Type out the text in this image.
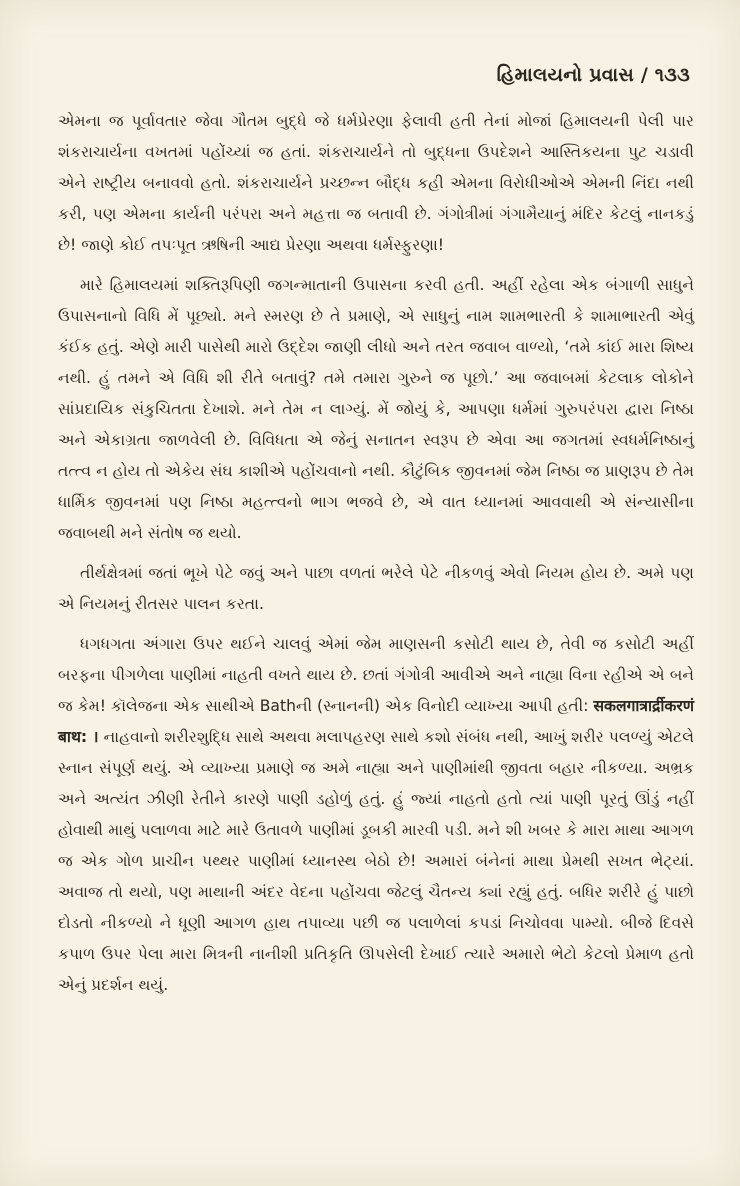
હિમાલયનો પ્રવાસ / ૧૩૩

એમના જ પૂર્વાવતાર જેવા ગૌતમ બુદ્ધે જે ધર્મપ્રેરણા ફેલાવી હતી તેનાં મોજાં હિમાલયની પેલી પાર શંકરાચાર્યના વખતમાં પહોંચ્યાં જ હતાં. શંકરાચાર્યને તો બુદ્ધના ઉપદેશને આસ્તિકયના પુટ ચડાવી એને રાષ્ટ્રીય બનાવવો હતો. શંકરાચાર્યને પ્રચ્છન્ન બૌદ્ધ કહી એમના વિરોધીઓએ એમની નિંદા નથી કરી, પણ એમના કાર્યની પરંપરા અને મહત્તા જ બતાવી છે. ગંગોત્રીમાં ગંગામૈયાનું મંદિર કેટલું નાનકડું છે! જાણે કોઈ તપઃપૂત ઋષિની આદ્ય પ્રેરણા અથવા ધર્મસ્ફુરણા!

મારે હિમાલયમાં શક્તિરૂપિણી જગન્માતાની ઉપાસના કરવી હતી. અહીં રહેલા એક બંગાળી સાધુને ઉપાસનાનો વિધિ મેં પૂછ્યો. મને સ્મરણ છે તે પ્રમાણે, એ સાધુનું નામ શામભારતી કે શામાભારતી એવું કંઈક હતું. એણે મારી પાસેથી મારો ઉદ્દેશ જાણી લીધો અને તરત જવાબ વાળ્યો, ‘તમે કાંઈ મારા શિષ્ય નથી. હું તમને એ વિધિ શી રીતે બતાવું? તમે તમારા ગુરુને જ પૂછો.’ આ જવાબમાં કેટલાક લોકોને સાંપ્રદાયિક સંકુચિતતા દેખાશે. મને તેમ ન લાગ્યું. મેં જોયું કે, આપણા ધર્મમાં ગુરુપરંપરા દ્વારા નિષ્ઠા અને એકાગ્રતા જાળવેલી છે. વિવિધતા એ જેનું સનાતન સ્વરૂપ છે એવા આ જગતમાં સ્વધર્મનિષ્ઠાનું તત્ત્વ ન હોય તો એકેય સંઘ કાશીએ પહોંચવાનો નથી. કૌટુંબિક જીવનમાં જેમ નિષ્ઠા જ પ્રાણરૂપ છે તેમ ધાર્મિક જીવનમાં પણ નિષ્ઠા મહત્ત્વનો ભાગ ભજવે છે, એ વાત ધ્યાનમાં આવવાથી એ સંન્યાસીના જવાબથી મને સંતોષ જ થયો.

તીર્થક્ષેત્રમાં જતાં ભૂખે પેટે જવું અને પાછા વળતાં ભરેલે પેટે નીકળવું એવો નિયમ હોય છે. અમે પણ એ નિયમનું રીતસર પાલન કરતા.

ધગધગતા અંગારા ઉપર થઈને ચાલવું એમાં જેમ માણસની કસોટી થાય છે, તેવી જ કસોટી અહીં બરફના પીગળેલા પાણીમાં નાહતી વખતે થાય છે. છતાં ગંગોત્રી આવીએ અને નાહ્યા વિના રહીએ એ બને જ કેમ! કૉલેજના એક સાથીએ Bathની (સ્નાનની) એક વિનોદી વ્યાખ્યા આપી હતી: सकलगात्रार्द्रीकरणं बाथ: । નાહવાનો શરીરશુદ્ધિ સાથે અથવા મલાપહરણ સાથે કશો સંબંધ નથી, આખું શરીર પલળ્યું એટલે સ્નાન સંપૂર્ણ થયું. એ વ્યાખ્યા પ્રમાણે જ અમે નાહ્યા અને પાણીમાંથી જીવતા બહાર નીકળ્યા. અભ્રક અને અત્યંત ઝીણી રેતીને કારણે પાણી ડહોળું હતું. હું જ્યાં નાહતો હતો ત્યાં પાણી પૂરતું ઊંડું નહીં હોવાથી માથું પલાળવા માટે મારે ઉતાવળે પાણીમાં ડૂબકી મારવી પડી. મને શી ખબર કે મારા માથા આગળ જ એક ગોળ પ્રાચીન પથ્થર પાણીમાં ધ્યાનસ્થ બેઠો છે! અમારાં બંનેનાં માથા પ્રેમથી સખત ભેટ્યાં. અવાજ તો થયો, પણ માથાની અંદર વેદના પહોંચવા જેટલું ચૈતન્ય ક્યાં રહ્યું હતું. બધિર શરીરે હું પાછો દોડતો નીકળ્યો ને ધૂણી આગળ હાથ તપાવ્યા પછી જ પલાળેલાં કપડાં નિચોવવા પામ્યો. બીજે દિવસે કપાળ ઉપર પેલા મારા મિત્રની નાનીશી પ્રતિકૃતિ ઊપસેલી દેખાઈ ત્યારે અમારો ભેટો કેટલો પ્રેમાળ હતો એનું પ્રદર્શન થયું.
